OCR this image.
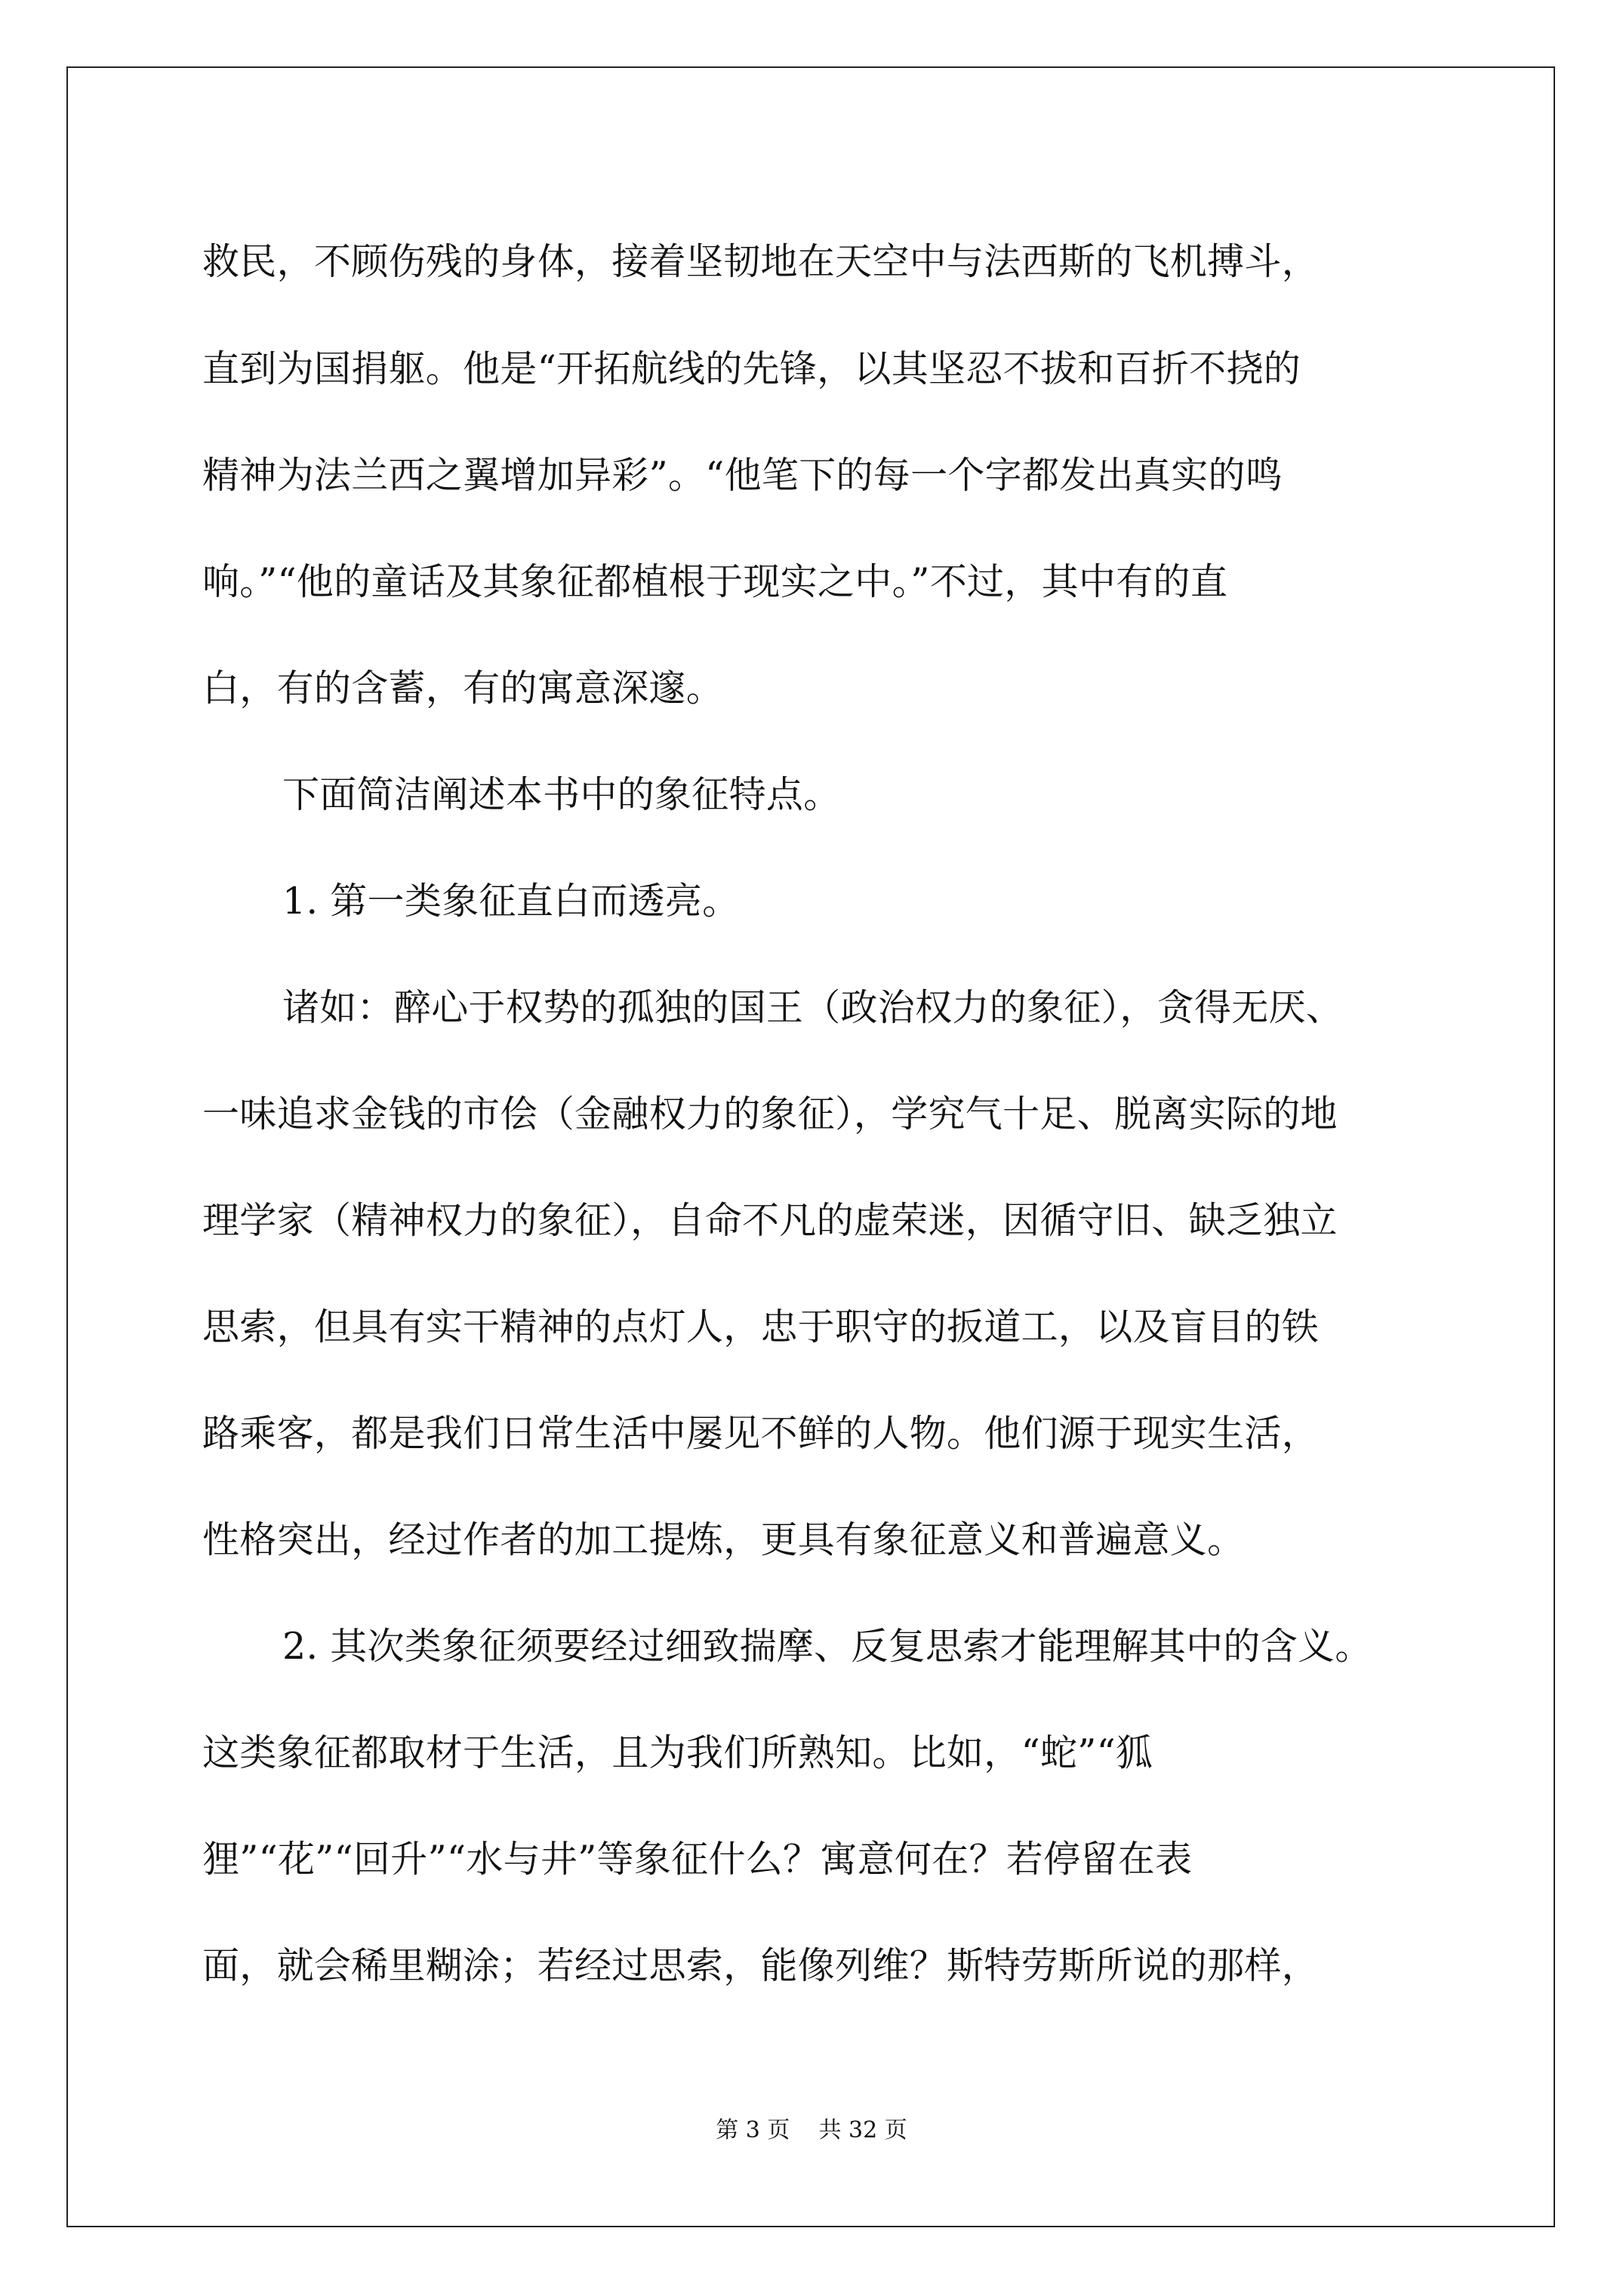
救民，不顾伤残的身体，接着坚韧地在天空中与法西斯的飞机搏斗，
直到为国捐躯。他是“开拓航线的先锋，以其坚忍不拔和百折不挠的
精神为法兰西之翼增加异彩”。“他笔下的每一个字都发出真实的鸣
响。”“他的童话及其象征都植根于现实之中。”不过，其中有的直
白，有的含蓄，有的寓意深邃。
下面简洁阐述本书中的象征特点。
1. 第一类象征直白而透亮。
诸如：醉心于权势的孤独的国王（政治权力的象征），贪得无厌、
一味追求金钱的市侩（金融权力的象征），学究气十足、脱离实际的地
理学家（精神权力的象征），自命不凡的虚荣迷，因循守旧、缺乏独立
思索，但具有实干精神的点灯人，忠于职守的扳道工，以及盲目的铁
路乘客，都是我们日常生活中屡见不鲜的人物。他们源于现实生活，
性格突出，经过作者的加工提炼，更具有象征意义和普遍意义。
2. 其次类象征须要经过细致揣摩、反复思索才能理解其中的含义。
这类象征都取材于生活，且为我们所熟知。比如，“蛇”“狐
狸”“花”“回升”“水与井”等象征什么？寓意何在？若停留在表
面，就会稀里糊涂；若经过思索，能像列维？斯特劳斯所说的那样，
第 3 页    共 32 页
